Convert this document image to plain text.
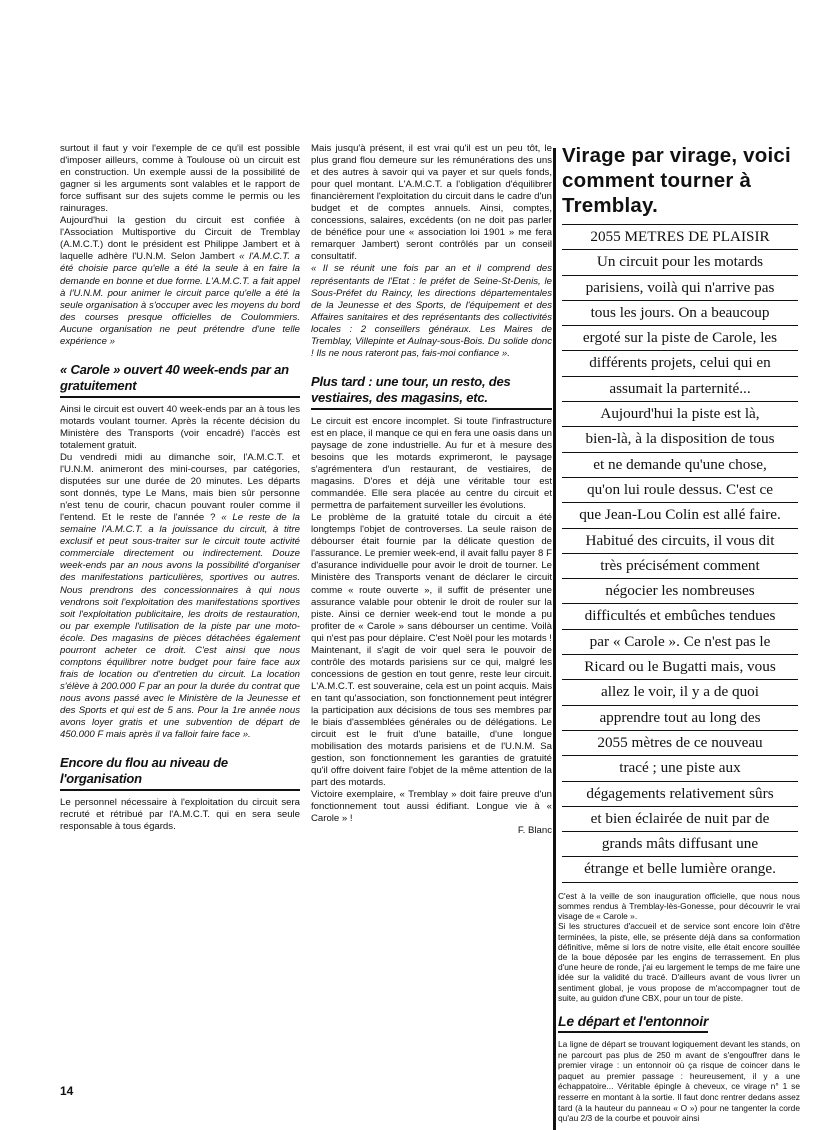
surtout il faut y voir l'exemple de ce qu'il est possible d'imposer ailleurs, comme à Toulouse où un circuit est en construction. Un exemple aussi de la possibilité de gagner si les arguments sont valables et le rapport de force suffisant sur des sujets comme le permis ou les rainurages.

Aujourd'hui la gestion du circuit est confiée à l'Association Multisportive du Circuit de Tremblay (A.M.C.T.) dont le président est Philippe Jambert et à laquelle adhère l'U.N.M. Selon Jambert « l'A.M.C.T. a été choisie parce qu'elle a été la seule à en faire la demande en bonne et due forme. L'A.M.C.T. a fait appel à l'U.N.M. pour animer le circuit parce qu'elle a été la seule organisation à s'occuper avec les moyens du bord des courses presque officielles de Coulommiers. Aucune organisation ne peut prétendre d'une telle expérience »

« Carole » ouvert 40 week-ends par an gratuitement

Ainsi le circuit est ouvert 40 week-ends par an à tous les motards voulant tourner. Après la récente décision du Ministère des Transports (voir encadré) l'accès est totalement gratuit.

Du vendredi midi au dimanche soir, l'A.M.C.T. et l'U.N.M. animeront des mini-courses, par catégories, disputées sur une durée de 20 minutes. Les départs sont donnés, type Le Mans, mais bien sûr personne n'est tenu de courir, chacun pouvant rouler comme il l'entend. Et le reste de l'année ? « Le reste de la semaine l'A.M.C.T. a la jouissance du circuit, à titre exclusif et peut sous-traiter sur le circuit toute activité commerciale directement ou indirectement. Douze week-ends par an nous avons la possibilité d'organiser des manifestations particulières, sportives ou autres. Nous prendrons des concessionnaires à qui nous vendrons soit l'exploitation des manifestations sportives soit l'exploitation publicitaire, les droits de restauration, ou par exemple l'utilisation de la piste par une moto-école. Des magasins de pièces détachées également pourront acheter ce droit. C'est ainsi que nous comptons équilibrer notre budget pour faire face aux frais de location ou d'entretien du circuit. La location s'élève à 200.000 F par an pour la durée du contrat que nous avons passé avec le Ministère de la Jeunesse et des Sports et qui est de 5 ans. Pour la 1re année nous avons loyer gratis et une subvention de départ de 450.000 F mais après il va falloir faire face ».

Encore du flou au niveau de l'organisation

Le personnel nécessaire à l'exploitation du circuit sera recruté et rétribué par l'A.M.C.T. qui en sera seule responsable à tous égards.

Mais jusqu'à présent, il est vrai qu'il est un peu tôt, le plus grand flou demeure sur les rémunérations des uns et des autres à savoir qui va payer et sur quels fonds, pour quel montant. L'A.M.C.T. a l'obligation d'équilibrer financièrement l'exploitation du circuit dans le cadre d'un budget et de comptes annuels. Ainsi, comptes, concessions, salaires, excédents (on ne doit pas parler de bénéfice pour une « association loi 1901 » me fera remarquer Jambert) seront contrôlés par un conseil consultatif.

« Il se réunit une fois par an et il comprend des représentants de l'Etat : le préfet de Seine-St-Denis, le Sous-Préfet du Raincy, les directions départementales de la Jeunesse et des Sports, de l'équipement et des Affaires sanitaires et des représentants des collectivités locales : 2 conseillers généraux. Les Maires de Tremblay, Villepinte et Aulnay-sous-Bois. Du solide donc ! Ils ne nous rateront pas, fais-moi confiance ».

Plus tard : une tour, un resto, des vestiaires, des magasins, etc.

Le circuit est encore incomplet. Si toute l'infrastructure est en place, il manque ce qui en fera une oasis dans un paysage de zone industrielle. Au fur et à mesure des besoins que les motards exprimeront, le paysage s'agrémentera d'un restaurant, de vestiaires, de magasins. D'ores et déjà une véritable tour est commandée. Elle sera placée au centre du circuit et permettra de parfaitement surveiller les évolutions.

Le problème de la gratuité totale du circuit a été longtemps l'objet de controverses. La seule raison de débourser était fournie par la délicate question de l'assurance. Le premier week-end, il avait fallu payer 8 F d'asurance individuelle pour avoir le droit de tourner. Le Ministère des Transports venant de déclarer le circuit comme « route ouverte », il suffit de présenter une assurance valable pour obtenir le droit de rouler sur la piste. Ainsi ce dernier week-end tout le monde a pu profiter de « Carole » sans débourser un centime. Voilà qui n'est pas pour déplaire. C'est Noël pour les motards !

Maintenant, il s'agit de voir quel sera le pouvoir de contrôle des motards parisiens sur ce qui, malgré les concessions de gestion en tout genre, reste leur circuit. L'A.M.C.T. est souveraine, cela est un point acquis. Mais en tant qu'association, son fonctionnement peut intégrer la participation aux décisions de tous ses membres par le biais d'assemblées générales ou de délégations. Le circuit est le fruit d'une bataille, d'une longue mobilisation des motards parisiens et de l'U.N.M. Sa gestion, son fonctionnement les garanties de gratuité qu'il offre doivent faire l'objet de la même attention de la part des motards.

Victoire exemplaire, « Tremblay » doit faire preuve d'un fonctionnement tout aussi édifiant. Longue vie à « Carole » !

F. Blanc

Virage par virage, voici comment tourner à Tremblay.
2055 METRES DE PLAISIR
Un circuit pour les motards
parisiens, voilà qui n'arrive pas
tous les jours. On a beaucoup
ergoté sur la piste de Carole, les
différents projets, celui qui en
assumait la parternité...
Aujourd'hui la piste est là,
bien-là, à la disposition de tous
et ne demande qu'une chose,
qu'on lui roule dessus. C'est ce
que Jean-Lou Colin est allé faire.
Habitué des circuits, il vous dit
très précisément comment
négocier les nombreuses
difficultés et embûches tendues
par « Carole ». Ce n'est pas le
Ricard ou le Bugatti mais, vous
allez le voir, il y a de quoi
apprendre tout au long des
2055 mètres de ce nouveau
tracé ; une piste aux
dégagements relativement sûrs
et bien éclairée de nuit par de
grands mâts diffusant une
étrange et belle lumière orange.

C'est à la veille de son inauguration officielle, que nous nous sommes rendus à Tremblay-lès-Gonesse, pour découvrir le vrai visage de « Carole ».

Si les structures d'accueil et de service sont encore loin d'être terminées, la piste, elle, se présente déjà dans sa conformation définitive, même si lors de notre visite, elle était encore souillée de la boue déposée par les engins de terrassement. En plus d'une heure de ronde, j'ai eu largement le temps de me faire une idée sur la validité du tracé. D'ailleurs avant de vous livrer un sentiment global, je vous propose de m'accompagner tout de suite, au guidon d'une CBX, pour un tour de piste.

Le départ et l'entonnoir

La ligne de départ se trouvant logiquement devant les stands, on ne parcourt pas plus de 250 m avant de s'engouffrer dans le premier virage : un entonnoir où ça risque de coincer dans le paquet au premier passage : heureusement, il y a une échappatoire... Véritable épingle à cheveux, ce virage n° 1 se resserre en montant à la sortie. Il faut donc rentrer dedans assez tard (à la hauteur du panneau « O ») pour ne tangenter la corde qu'au 2/3 de la courbe et pouvoir ainsi

14
